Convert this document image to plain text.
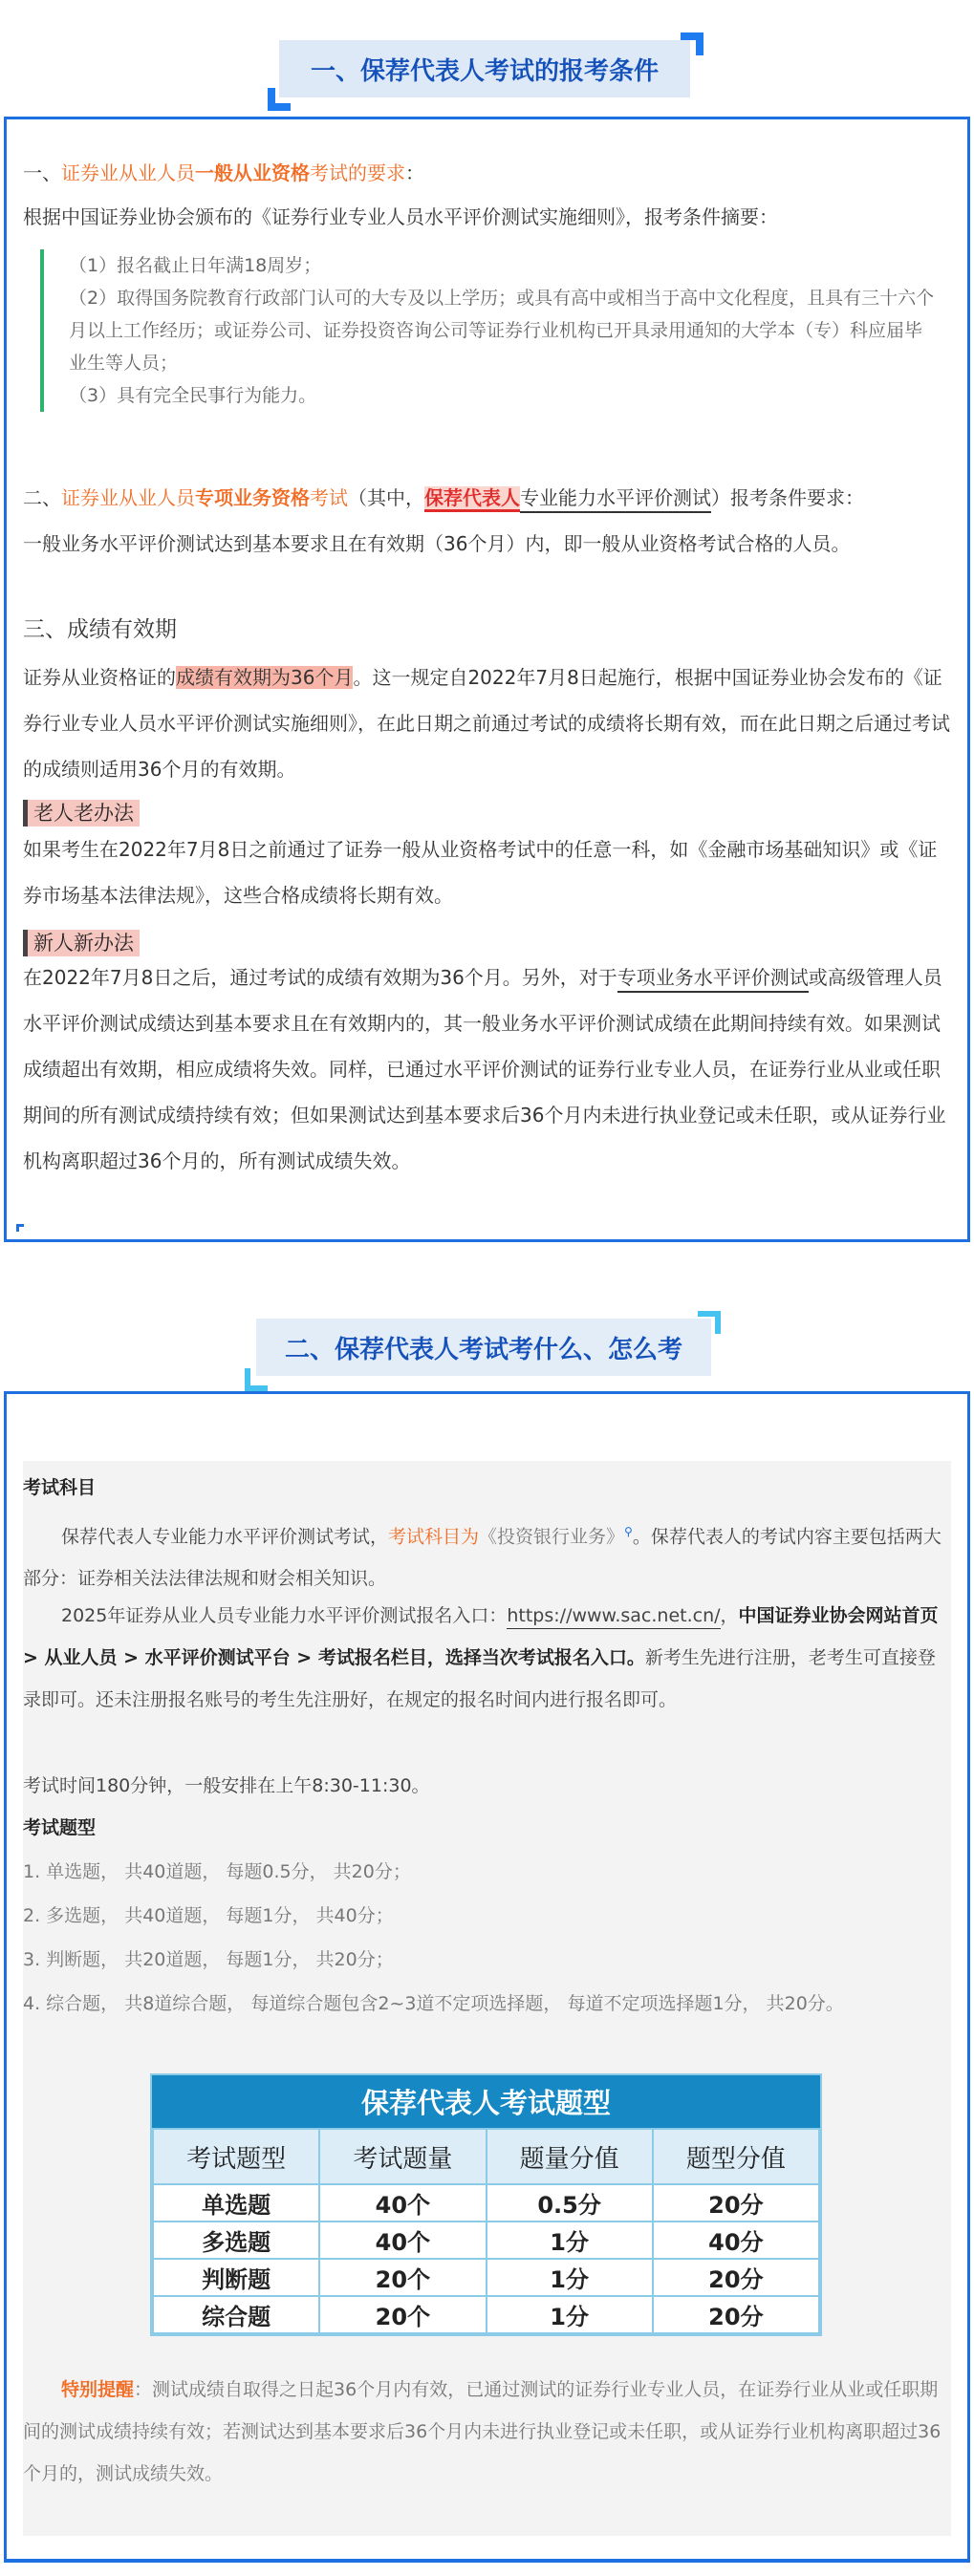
一、保荐代表人考试的报考条件
一、证券业从业人员一般从业资格考试的要求：
根据中国证券业协会颁布的《证券行业专业人员水平评价测试实施细则》，报考条件摘要：
（1）报名截止日年满18周岁；
（2）取得国务院教育行政部门认可的大专及以上学历；或具有高中或相当于高中文化程度，且具有三十六个月以上工作经历；或证券公司、证券投资咨询公司等证券行业机构已开具录用通知的大学本（专）科应届毕业生等人员；
（3）具有完全民事行为能力。
二、证券业从业人员专项业务资格考试（其中，保荐代表人专业能力水平评价测试）报考条件要求：
一般业务水平评价测试达到基本要求且在有效期（36个月）内，即一般从业资格考试合格的人员。
三、成绩有效期
证券从业资格证的成绩有效期为36个月。这一规定自2022年7月8日起施行，根据中国证券业协会发布的《证券行业专业人员水平评价测试实施细则》，在此日期之前通过考试的成绩将长期有效，而在此日期之后通过考试的成绩则适用36个月的有效期。
老人老办法
如果考生在2022年7月8日之前通过了证券一般从业资格考试中的任意一科，如《金融市场基础知识》或《证券市场基本法律法规》，这些合格成绩将长期有效。
新人新办法
在2022年7月8日之后，通过考试的成绩有效期为36个月。另外，对于专项业务水平评价测试或高级管理人员水平评价测试成绩达到基本要求且在有效期内的，其一般业务水平评价测试成绩在此期间持续有效。如果测试成绩超出有效期，相应成绩将失效。同样，已通过水平评价测试的证券行业专业人员，在证券行业从业或任职期间的所有测试成绩持续有效；但如果测试达到基本要求后36个月内未进行执业登记或未任职，或从证券行业机构离职超过36个月的，所有测试成绩失效。
二、保荐代表人考试考什么、怎么考
考试科目
保荐代表人专业能力水平评价测试考试，考试科目为《投资银行业务》⚲。保荐代表人的考试内容主要包括两大部分：证券相关法法律法规和财会相关知识。
2025年证券从业人员专业能力水平评价测试报名入口：https://www.sac.net.cn/，中国证券业协会网站首页 > 从业人员 > 水平评价测试平台 > 考试报名栏目，选择当次考试报名入口。新考生先进行注册，老考生可直接登录即可。还未注册报名账号的考生先注册好，在规定的报名时间内进行报名即可。
考试时间180分钟，一般安排在上午8:30-11:30。
考试题型
1. 单选题， 共40道题， 每题0.5分， 共20分；
2. 多选题， 共40道题， 每题1分， 共40分；
3. 判断题， 共20道题， 每题1分， 共20分；
4. 综合题， 共8道综合题， 每道综合题包含2~3道不定项选择题， 每道不定项选择题1分， 共20分。
特别提醒：测试成绩自取得之日起36个月内有效，已通过测试的证券行业专业人员，在证券行业从业或任职期间的测试成绩持续有效；若测试达到基本要求后36个月内未进行执业登记或未任职，或从证券行业机构离职超过36个月的，测试成绩失效。
保荐代表人考试题型
考试题型	考试题量	题量分值	题型分值
单选题	40个	0.5分	20分
多选题	40个	1分	40分
判断题	20个	1分	20分
综合题	20个	1分	20分
